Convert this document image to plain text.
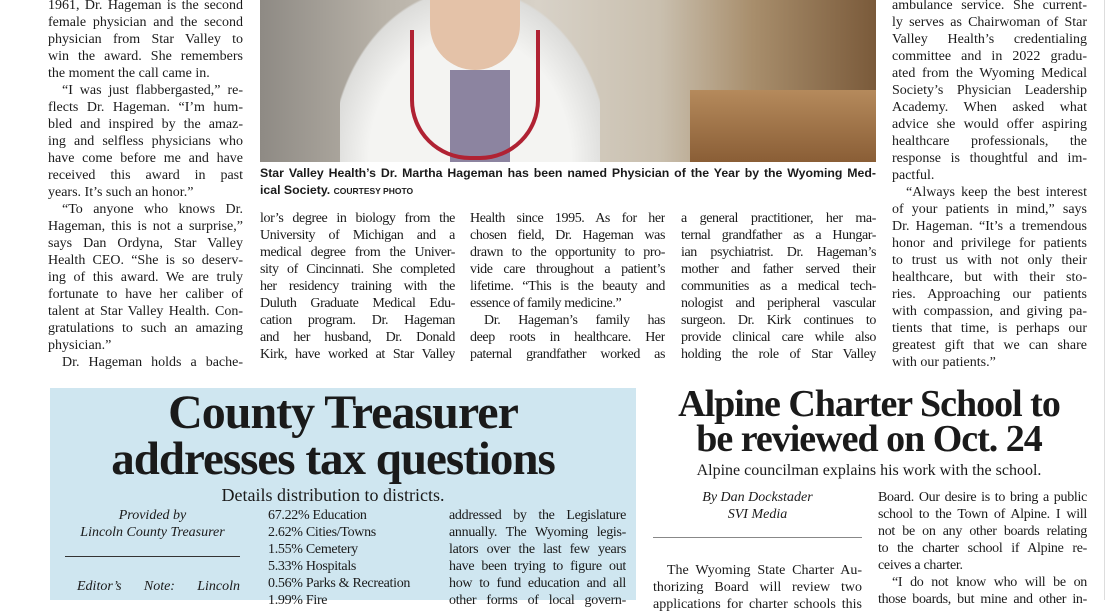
Star Valley Health’s Dr. Martha Hageman has been named Physician of the Year by the Wyoming Med-
ical Society. COURTESY PHOTO
1961, Dr. Hageman is the second
female physician and the second
physician from Star Valley to
win the award. She remembers
the moment the call came in.
“I was just flabbergasted,” re-
flects Dr. Hageman. “I’m hum-
bled and inspired by the amaz-
ing and selfless physicians who
have come before me and have
received this award in past
years. It’s such an honor.”
“To anyone who knows Dr.
Hageman, this is not a surprise,”
says Dan Ordyna, Star Valley
Health CEO. “She is so deserv-
ing of this award. We are truly
fortunate to have her caliber of
talent at Star Valley Health. Con-
gratulations to such an amazing
physician.”
Dr. Hageman holds a bache-
lor’s degree in biology from the
University of Michigan and a
medical degree from the Univer-
sity of Cincinnati. She completed
her residency training with the
Duluth Graduate Medical Edu-
cation program. Dr. Hageman
and her husband, Dr. Donald
Kirk, have worked at Star Valley
Health since 1995. As for her
chosen field, Dr. Hageman was
drawn to the opportunity to pro-
vide care throughout a patient’s
lifetime. “This is the beauty and
essence of family medicine.”
Dr. Hageman’s family has
deep roots in healthcare. Her
paternal grandfather worked as
a general practitioner, her ma-
ternal grandfather as a Hungar-
ian psychiatrist. Dr. Hageman’s
mother and father served their
communities as a medical tech-
nologist and peripheral vascular
surgeon. Dr. Kirk continues to
provide clinical care while also
holding the role of Star Valley
ambulance service. She current-
ly serves as Chairwoman of Star
Valley Health’s credentialing
committee and in 2022 gradu-
ated from the Wyoming Medical
Society’s Physician Leadership
Academy. When asked what
advice she would offer aspiring
healthcare professionals, the
response is thoughtful and im-
pactful.
“Always keep the best interest
of your patients in mind,” says
Dr. Hageman. “It’s a tremendous
honor and privilege for patients
to trust us with not only their
healthcare, but with their sto-
ries. Approaching our patients
with compassion, and giving pa-
tients that time, is perhaps our
greatest gift that we can share
with our patients.”
County Treasurer
addresses tax questions
Details distribution to districts.
Provided by
Lincoln County Treasurer
Editor’s Note: Lincoln
67.22% Education
2.62% Cities/Towns
1.55% Cemetery
5.33% Hospitals
0.56% Parks & Recreation
1.99% Fire
addressed by the Legislature
annually. The Wyoming legis-
lators over the last few years
have been trying to figure out
how to fund education and all
other forms of local govern-
Alpine Charter School to
be reviewed on Oct. 24
Alpine councilman explains his work with the school.
By Dan Dockstader
SVI Media
The Wyoming State Charter Au-
thorizing Board will review two
applications for charter schools this
Board. Our desire is to bring a public
school to the Town of Alpine. I will
not be on any other boards relating
to the charter school if Alpine re-
ceives a charter.
“I do not know who will be on
those boards, but mine and other in-
